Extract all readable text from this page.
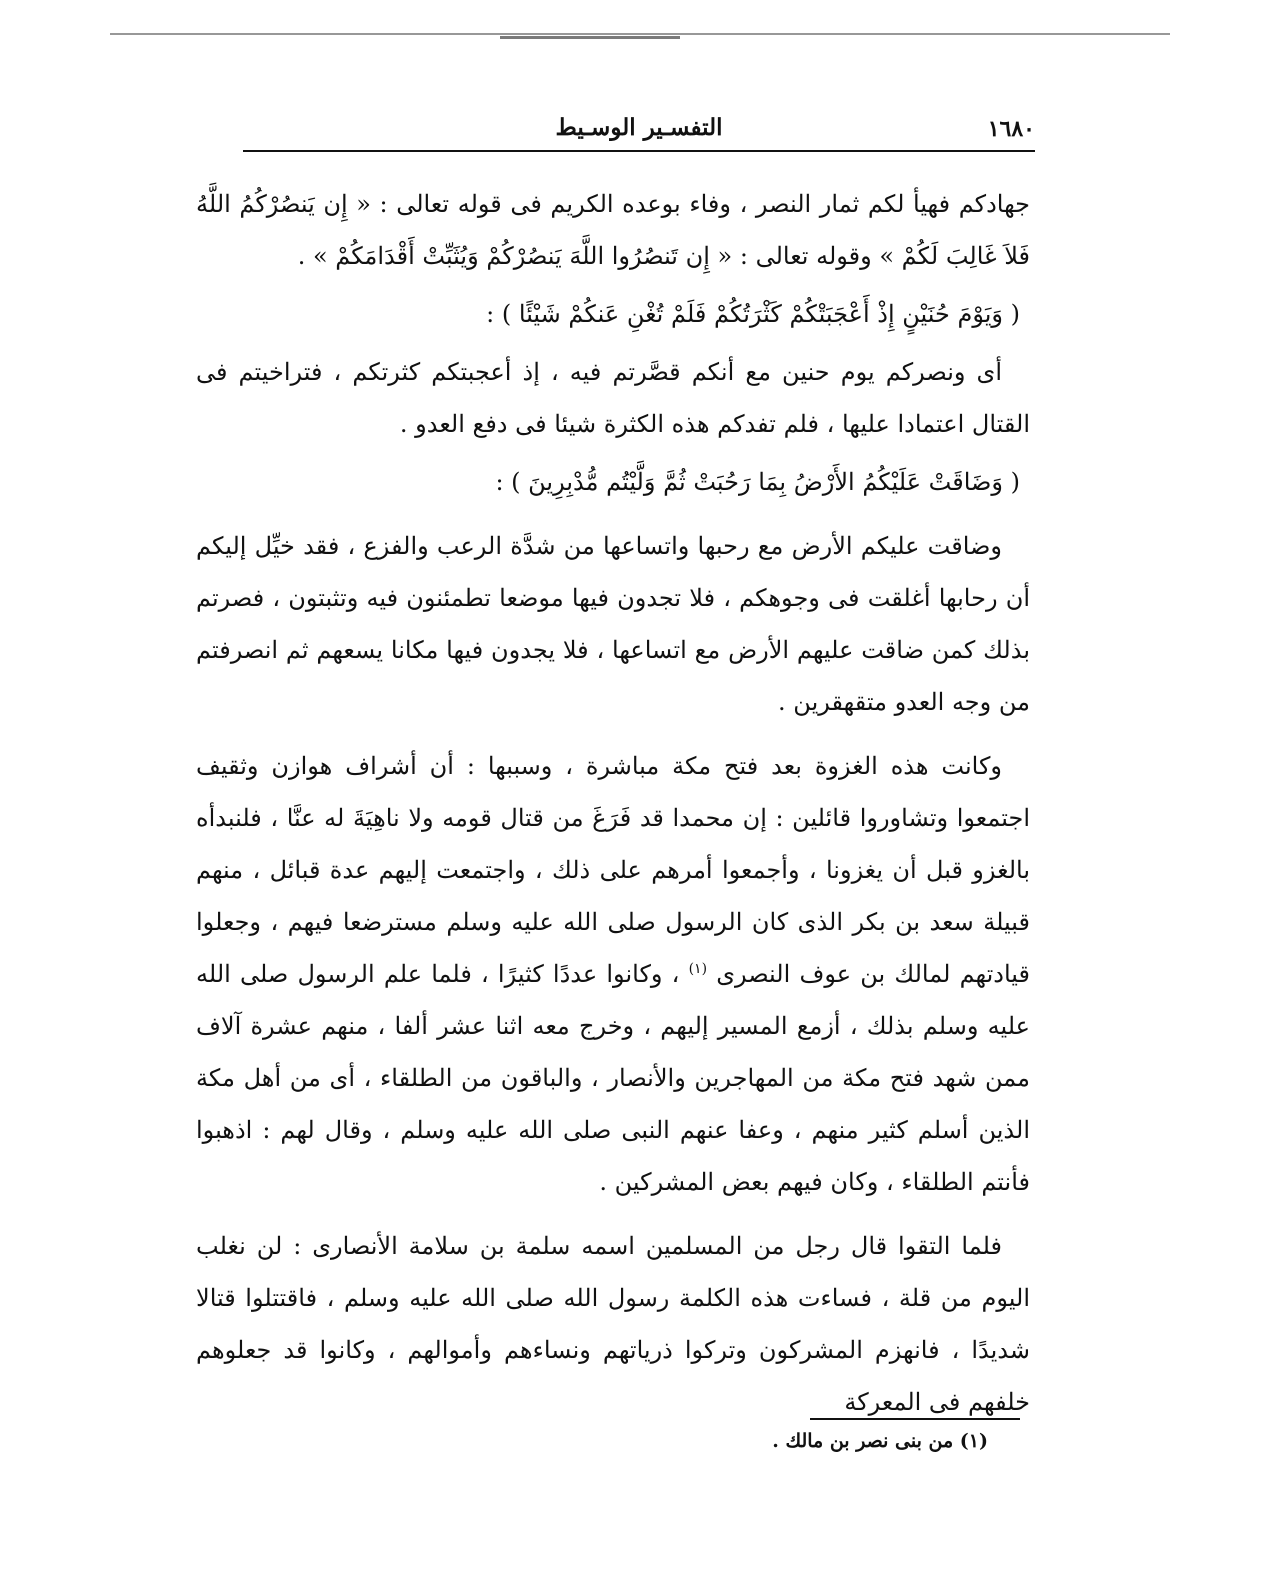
١٦٨٠
التفسـير الوسـيط

جهادكم فهيأ لكم ثمار النصر ، وفاء بوعده الكريم فى قوله تعالى : « إِن يَنصُرْكُمُ اللَّهُ فَلاَ غَالِبَ لَكُمْ » وقوله تعالى : « إِن تَنصُرُوا اللَّهَ يَنصُرْكُمْ وَيُثَبِّتْ أَقْدَامَكُمْ » .

( وَيَوْمَ حُنَيْنٍ إِذْ أَعْجَبَتْكُمْ كَثْرَتُكُمْ فَلَمْ تُغْنِ عَنكُمْ شَيْئًا ) :

أى ونصركم يوم حنين مع أنكم قصَّرتم فيه ، إذ أعجبتكم كثرتكم ، فتراخيتم فى القتال اعتمادا عليها ، فلم تفدكم هذه الكثرة شيئا فى دفع العدو .

( وَضَاقَتْ عَلَيْكُمُ الأَرْضُ بِمَا رَحُبَتْ ثُمَّ وَلَّيْتُم مُّدْبِرِينَ ) :

وضاقت عليكم الأرض مع رحبها واتساعها من شدَّة الرعب والفزع ، فقد خيِّل إليكم أن رحابها أغلقت فى وجوهكم ، فلا تجدون فيها موضعا تطمئنون فيه وتثبتون ، فصرتم بذلك كمن ضاقت عليهم الأرض مع اتساعها ، فلا يجدون فيها مكانا يسعهم ثم انصرفتم من وجه العدو متقهقرين .

وكانت هذه الغزوة بعد فتح مكة مباشرة ، وسببها : أن أشراف هوازن وثقيف اجتمعوا وتشاوروا قائلين : إن محمدا قد فَرَغَ من قتال قومه ولا ناهِيَةَ له عنَّا ، فلنبدأه بالغزو قبل أن يغزونا ، وأجمعوا أمرهم على ذلك ، واجتمعت إليهم عدة قبائل ، منهم قبيلة سعد بن بكر الذى كان الرسول صلى الله عليه وسلم مسترضعا فيهم ، وجعلوا قيادتهم لمالك بن عوف النصرى $^{(١)}$ ، وكانوا عددًا كثيرًا ، فلما علم الرسول صلى الله عليه وسلم بذلك ، أزمع المسير إليهم ، وخرج معه اثنا عشر ألفا ، منهم عشرة آلاف ممن شهد فتح مكة من المهاجرين والأنصار ، والباقون من الطلقاء ، أى من أهل مكة الذين أسلم كثير منهم ، وعفا عنهم النبى صلى الله عليه وسلم ، وقال لهم : اذهبوا فأنتم الطلقاء ، وكان فيهم بعض المشركين .

فلما التقوا قال رجل من المسلمين اسمه سلمة بن سلامة الأنصارى : لن نغلب اليوم من قلة ، فساءت هذه الكلمة رسول الله صلى الله عليه وسلم ، فاقتتلوا قتالا شديدًا ، فانهزم المشركون وتركوا ذرياتهم ونساءهم وأموالهم ، وكانوا قد جعلوهم خلفهم فى المعركة

(١) من بنى نصر بن مالك .
